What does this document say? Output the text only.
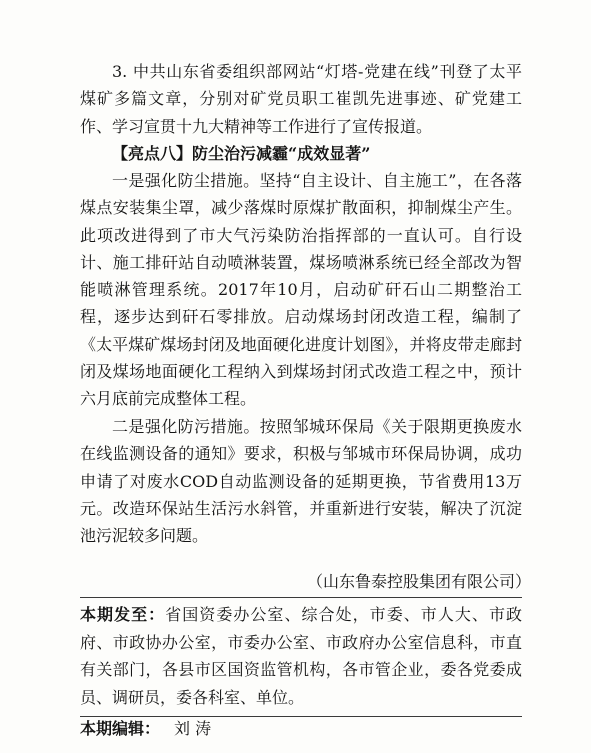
3. 中共山东省委组织部网站“灯塔-党建在线”刊登了太平煤矿多篇文章，分别对矿党员职工崔凯先进事迹、矿党建工作、学习宣贯十九大精神等工作进行了宣传报道。

【亮点八】防尘治污减霾“成效显著”

一是强化防尘措施。坚持“自主设计、自主施工”，在各落煤点安装集尘罩，减少落煤时原煤扩散面积，抑制煤尘产生。此项改进得到了市大气污染防治指挥部的一直认可。自行设计、施工排矸站自动喷淋装置，煤场喷淋系统已经全部改为智能喷淋管理系统。2017年10月，启动矿矸石山二期整治工程，逐步达到矸石零排放。启动煤场封闭改造工程，编制了《太平煤矿煤场封闭及地面硬化进度计划图》，并将皮带走廊封闭及煤场地面硬化工程纳入到煤场封闭式改造工程之中，预计六月底前完成整体工程。

二是强化防污措施。按照邹城环保局《关于限期更换废水在线监测设备的通知》要求，积极与邹城市环保局协调，成功申请了对废水COD自动监测设备的延期更换，节省费用13万元。改造环保站生活污水斜管，并重新进行安装，解决了沉淀池污泥较多问题。

（山东鲁泰控股集团有限公司）

本期发至：省国资委办公室、综合处，市委、市人大、市政府、市政协办公室，市委办公室、市政府办公室信息科，市直有关部门，各县市区国资监管机构，各市管企业，委各党委成员、调研员，委各科室、单位。

本期编辑： 刘 涛
